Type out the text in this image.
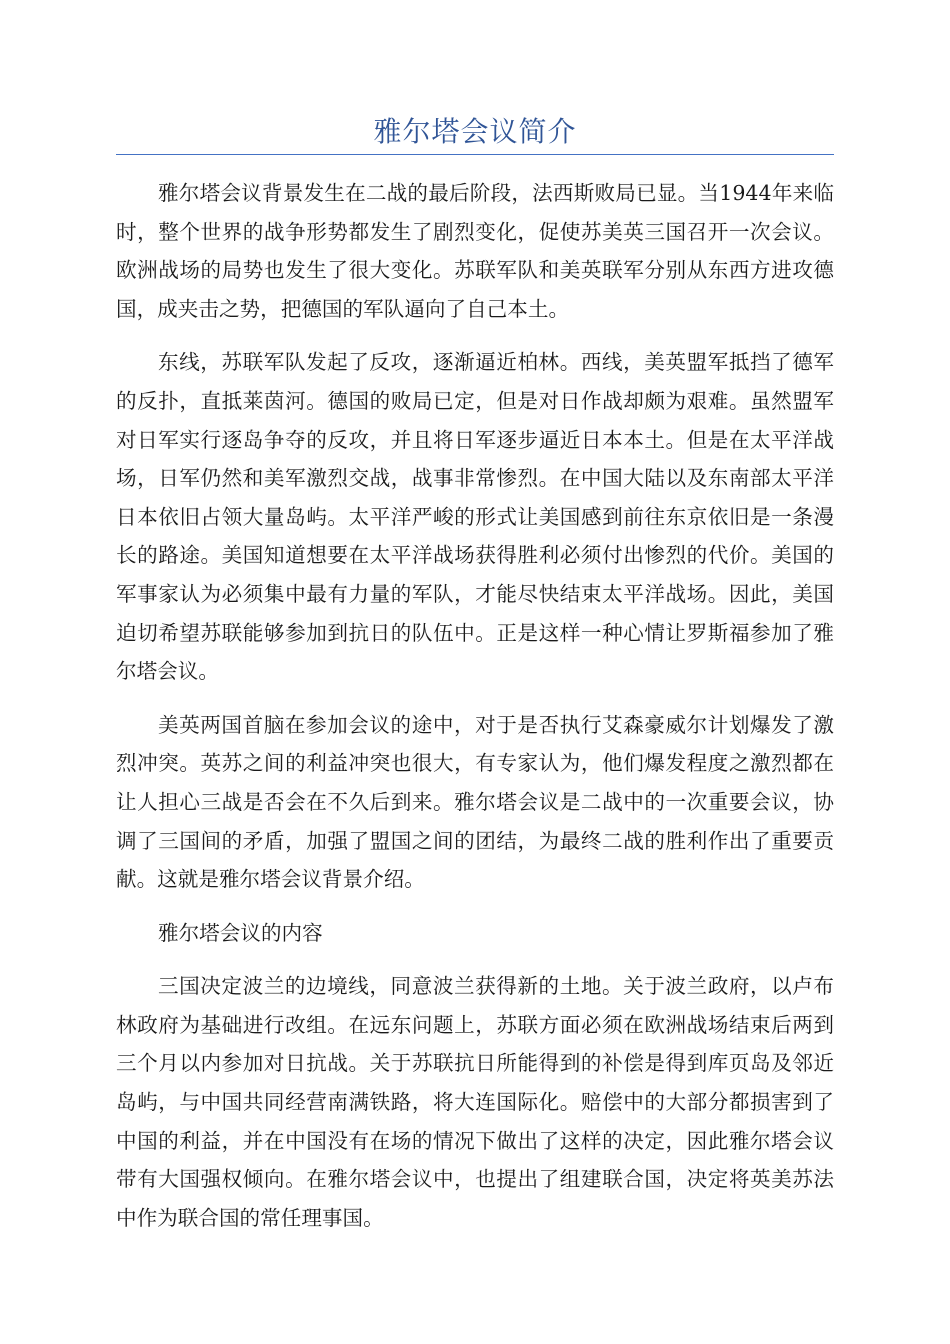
雅尔塔会议简介

雅尔塔会议背景发生在二战的最后阶段，法西斯败局已显。当1944年来临时，整个世界的战争形势都发生了剧烈变化，促使苏美英三国召开一次会议。欧洲战场的局势也发生了很大变化。苏联军队和美英联军分别从东西方进攻德国，成夹击之势，把德国的军队逼向了自己本土。

东线，苏联军队发起了反攻，逐渐逼近柏林。西线，美英盟军抵挡了德军的反扑，直抵莱茵河。德国的败局已定，但是对日作战却颇为艰难。虽然盟军对日军实行逐岛争夺的反攻，并且将日军逐步逼近日本本土。但是在太平洋战场，日军仍然和美军激烈交战，战事非常惨烈。在中国大陆以及东南部太平洋日本依旧占领大量岛屿。太平洋严峻的形式让美国感到前往东京依旧是一条漫长的路途。美国知道想要在太平洋战场获得胜利必须付出惨烈的代价。美国的军事家认为必须集中最有力量的军队，才能尽快结束太平洋战场。因此，美国迫切希望苏联能够参加到抗日的队伍中。正是这样一种心情让罗斯福参加了雅尔塔会议。

美英两国首脑在参加会议的途中，对于是否执行艾森豪威尔计划爆发了激烈冲突。英苏之间的利益冲突也很大，有专家认为，他们爆发程度之激烈都在让人担心三战是否会在不久后到来。雅尔塔会议是二战中的一次重要会议，协调了三国间的矛盾，加强了盟国之间的团结，为最终二战的胜利作出了重要贡献。这就是雅尔塔会议背景介绍。

雅尔塔会议的内容

三国决定波兰的边境线，同意波兰获得新的土地。关于波兰政府，以卢布林政府为基础进行改组。在远东问题上，苏联方面必须在欧洲战场结束后两到三个月以内参加对日抗战。关于苏联抗日所能得到的补偿是得到库页岛及邻近岛屿，与中国共同经营南满铁路，将大连国际化。赔偿中的大部分都损害到了中国的利益，并在中国没有在场的情况下做出了这样的决定，因此雅尔塔会议带有大国强权倾向。在雅尔塔会议中，也提出了组建联合国，决定将英美苏法中作为联合国的常任理事国。
